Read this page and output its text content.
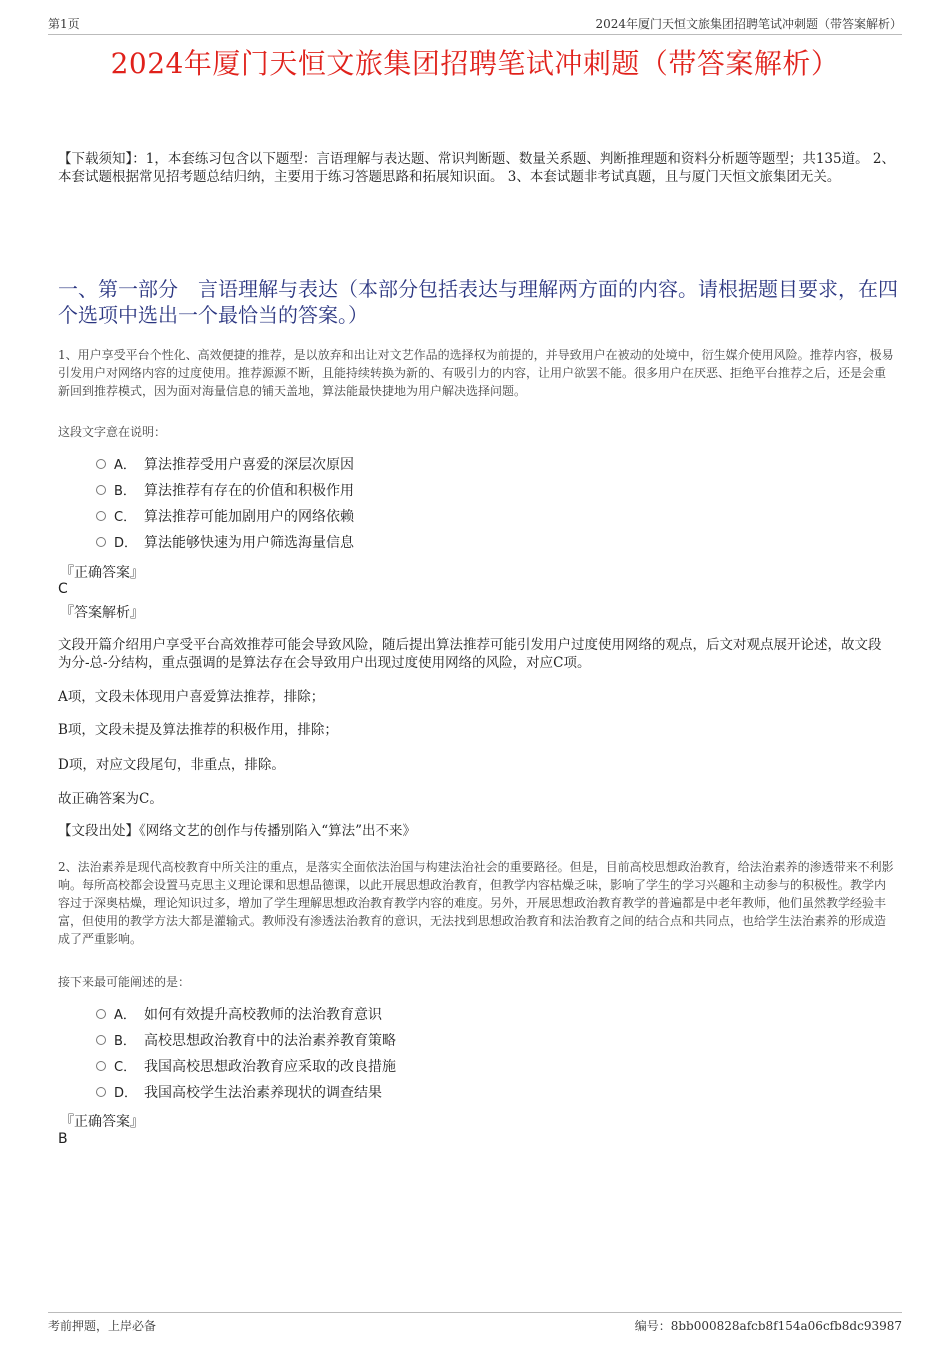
第1页	2024年厦门天恒文旅集团招聘笔试冲刺题（带答案解析）
2024年厦门天恒文旅集团招聘笔试冲刺题（带答案解析）
【下载须知】：1，本套练习包含以下题型：言语理解与表达题、常识判断题、数量关系题、判断推理题和资料分析题等题型；共135道。 2、本套试题根据常见招考题总结归纳，主要用于练习答题思路和拓展知识面。 3、本套试题非考试真题，且与厦门天恒文旅集团无关。
一、第一部分　言语理解与表达（本部分包括表达与理解两方面的内容。请根据题目要求，在四个选项中选出一个最恰当的答案。）
1、用户享受平台个性化、高效便捷的推荐，是以放弃和出让对文艺作品的选择权为前提的，并导致用户在被动的处境中，衍生媒介使用风险。推荐内容，极易引发用户对网络内容的过度使用。推荐源源不断，且能持续转换为新的、有吸引力的内容，让用户欲罢不能。很多用户在厌恶、拒绝平台推荐之后，还是会重新回到推荐模式，因为面对海量信息的铺天盖地，算法能最快捷地为用户解决选择问题。
这段文字意在说明：
A． 算法推荐受用户喜爱的深层次原因
B． 算法推荐有存在的价值和积极作用
C． 算法推荐可能加剧用户的网络依赖
D． 算法能够快速为用户筛选海量信息
『正确答案』
C
『答案解析』
文段开篇介绍用户享受平台高效推荐可能会导致风险，随后提出算法推荐可能引发用户过度使用网络的观点，后文对观点展开论述，故文段为分-总-分结构，重点强调的是算法存在会导致用户出现过度使用网络的风险，对应C项。
A项，文段未体现用户喜爱算法推荐，排除；
B项，文段未提及算法推荐的积极作用，排除；
D项，对应文段尾句，非重点，排除。
故正确答案为C。
【文段出处】《网络文艺的创作与传播别陷入“算法”出不来》
2、法治素养是现代高校教育中所关注的重点，是落实全面依法治国与构建法治社会的重要路径。但是，目前高校思想政治教育，给法治素养的渗透带来不利影响。每所高校都会设置马克思主义理论课和思想品德课，以此开展思想政治教育，但教学内容枯燥乏味，影响了学生的学习兴趣和主动参与的积极性。教学内容过于深奥枯燥，理论知识过多，增加了学生理解思想政治教育教学内容的难度。另外，开展思想政治教育教学的普遍都是中老年教师，他们虽然教学经验丰富，但使用的教学方法大都是灌输式。教师没有渗透法治教育的意识，无法找到思想政治教育和法治教育之间的结合点和共同点，也给学生法治素养的形成造成了严重影响。
接下来最可能阐述的是：
A． 如何有效提升高校教师的法治教育意识
B． 高校思想政治教育中的法治素养教育策略
C． 我国高校思想政治教育应采取的改良措施
D． 我国高校学生法治素养现状的调查结果
『正确答案』
B
考前押题，上岸必备	编号：8bb000828afcb8f154a06cfb8dc93987
